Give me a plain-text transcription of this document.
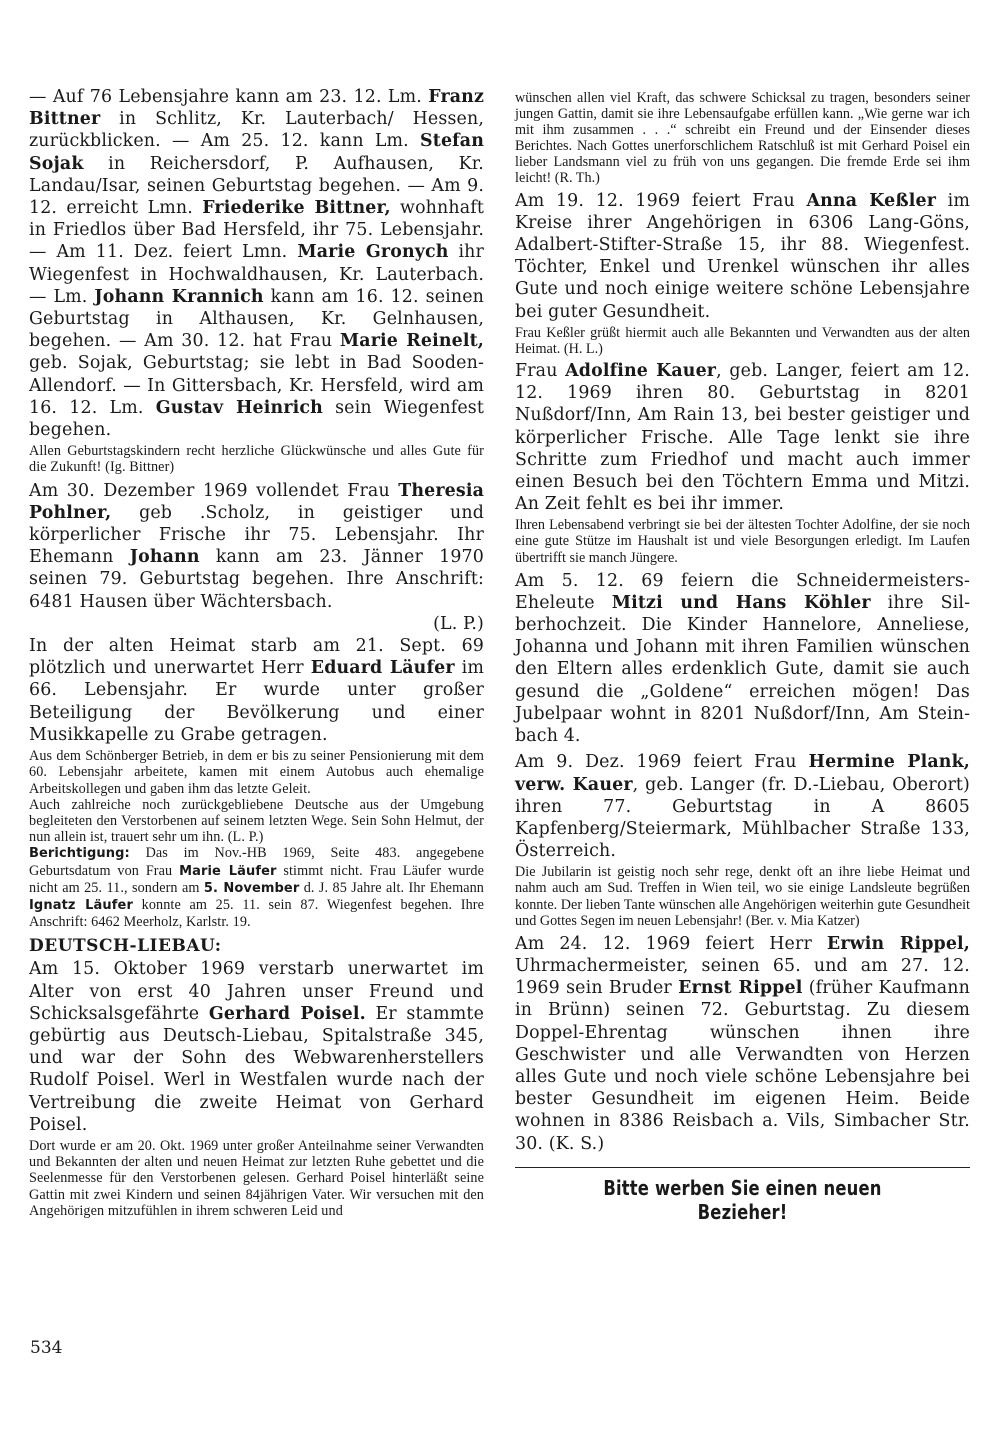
— Auf 76 Lebensjahre kann am 23. 12. Lm. Franz Bittner in Schlitz, Kr. Lauterbach/ Hessen, zurückblicken. — Am 25. 12. kann Lm. Stefan Sojak in Reichersdorf, P. Aufhausen, Kr. Landau/Isar, seinen Geburtstag begehen. — Am 9. 12. erreicht Lmn. Friederike Bittner, wohnhaft in Friedlos über Bad Hersfeld, ihr 75. Lebensjahr. — Am 11. Dez. feiert Lmn. Marie Gronych ihr Wiegenfest in Hochwaldhausen, Kr. Lauterbach. — Lm. Johann Krannich kann am 16. 12. seinen Geburtstag in Althausen, Kr. Gelnhausen, begehen. — Am 30. 12. hat Frau Marie Reinelt, geb. Sojak, Geburtstag; sie lebt in Bad Sooden-Allendorf. — In Gittersbach, Kr. Hersfeld, wird am 16. 12. Lm. Gustav Heinrich sein Wiegenfest begehen.

Allen Geburtstagskindern recht herzliche Glückwünsche und alles Gute für die Zukunft! (Ig. Bittner)

Am 30. Dezember 1969 vollendet Frau Theresia Pohlner, geb .Scholz, in geistiger und körperlicher Frische ihr 75. Lebensjahr. Ihr Ehemann Johann kann am 23. Jänner 1970 seinen 79. Geburtstag begehen. Ihre Anschrift: 6481 Hausen über Wächtersbach.

(L. P.)

In der alten Heimat starb am 21. Sept. 69 plötzlich und unerwartet Herr Eduard Läufer im 66. Lebensjahr. Er wurde unter großer Beteiligung der Bevölkerung und einer Musikkapelle zu Grabe getragen.

Aus dem Schönberger Betrieb, in dem er bis zu seiner Pensionierung mit dem 60. Lebensjahr arbeitete, kamen mit einem Autobus auch ehemalige Arbeitskollegen und gaben ihm das letzte Geleit.

Auch zahlreiche noch zurückgebliebene Deutsche aus der Umgebung begleiteten den Verstorbenen auf seinem letzten Wege. Sein Sohn Helmut, der nun allein ist, trauert sehr um ihn. (L. P.)

Berichtigung: Das im Nov.-HB 1969, Seite 483. angegebene Geburtsdatum von Frau Marie Läufer stimmt nicht. Frau Läufer wurde nicht am 25. 11., sondern am 5. November d. J. 85 Jahre alt. Ihr Ehemann Ignatz Läufer konnte am 25. 11. sein 87. Wiegenfest begehen. Ihre Anschrift: 6462 Meerholz, Karlstr. 19.

DEUTSCH-LIEBAU:

Am 15. Oktober 1969 verstarb unerwartet im Alter von erst 40 Jahren unser Freund und Schicksalsgefährte Gerhard Poisel. Er stammte gebürtig aus Deutsch-Liebau, Spitalstraße 345, und war der Sohn des Webwarenherstellers Rudolf Poisel. Werl in Westfalen wurde nach der Vertreibung die zweite Heimat von Gerhard Poisel.

Dort wurde er am 20. Okt. 1969 unter großer Anteilnahme seiner Verwandten und Bekannten der alten und neuen Heimat zur letzten Ruhe gebettet und die Seelenmesse für den Verstorbenen gelesen. Gerhard Poisel hinterläßt seine Gattin mit zwei Kindern und seinen 84jährigen Vater. Wir versuchen mit den Angehörigen mitzufühlen in ihrem schweren Leid und

wünschen allen viel Kraft, das schwere Schicksal zu tragen, besonders seiner jungen Gattin, damit sie ihre Lebensaufgabe erfüllen kann. „Wie gerne war ich mit ihm zusammen . . .“ schreibt ein Freund und der Einsender dieses Berichtes. Nach Gottes unerforschlichem Ratschluß ist mit Gerhard Poisel ein lieber Landsmann viel zu früh von uns gegangen. Die fremde Erde sei ihm leicht! (R. Th.)

Am 19. 12. 1969 feiert Frau Anna Keßler im Kreise ihrer Angehörigen in 6306 Lang-Göns, Adalbert-Stifter-Straße 15, ihr 88. Wiegenfest. Töchter, Enkel und Urenkel wünschen ihr alles Gute und noch einige weitere schöne Lebensjahre bei guter Gesundheit.

Frau Keßler grüßt hiermit auch alle Bekannten und Verwandten aus der alten Heimat. (H. L.)

Frau Adolfine Kauer, geb. Langer, feiert am 12. 12. 1969 ihren 80. Geburtstag in 8201 Nußdorf/Inn, Am Rain 13, bei bester geistiger und körperlicher Frische. Alle Tage lenkt sie ihre Schritte zum Friedhof und macht auch immer einen Besuch bei den Töchtern Emma und Mitzi. An Zeit fehlt es bei ihr immer.

Ihren Lebensabend verbringt sie bei der ältesten Tochter Adolfine, der sie noch eine gute Stütze im Haushalt ist und viele Besorgungen erledigt. Im Laufen übertrifft sie manch Jüngere.

Am 5. 12. 69 feiern die Schneidermeisters-Eheleute Mitzi und Hans Köhler ihre Silberhochzeit. Die Kinder Hannelore, Anneliese, Johanna und Johann mit ihren Familien wünschen den Eltern alles erdenklich Gute, damit sie auch gesund die „Goldene“ erreichen mögen! Das Jubelpaar wohnt in 8201 Nußdorf/Inn, Am Steinbach 4.

Am 9. Dez. 1969 feiert Frau Hermine Plank, verw. Kauer, geb. Langer (fr. D.-Liebau, Oberort) ihren 77. Geburtstag in A 8605 Kapfenberg/Steiermark, Mühlbacher Straße 133, Österreich.

Die Jubilarin ist geistig noch sehr rege, denkt oft an ihre liebe Heimat und nahm auch am Sud. Treffen in Wien teil, wo sie einige Landsleute begrüßen konnte. Der lieben Tante wünschen alle Angehörigen weiterhin gute Gesundheit und Gottes Segen im neuen Lebensjahr! (Ber. v. Mia Katzer)

Am 24. 12. 1969 feiert Herr Erwin Rippel, Uhrmachermeister, seinen 65. und am 27. 12. 1969 sein Bruder Ernst Rippel (früher Kaufmann in Brünn) seinen 72. Geburtstag. Zu diesem Doppel-Ehrentag wünschen ihnen ihre Geschwister und alle Verwandten von Herzen alles Gute und noch viele schöne Lebensjahre bei bester Gesundheit im eigenen Heim. Beide wohnen in 8386 Reisbach a. Vils, Simbacher Str. 30. (K. S.)

Bitte werben Sie einen neuen Bezieher!
534
